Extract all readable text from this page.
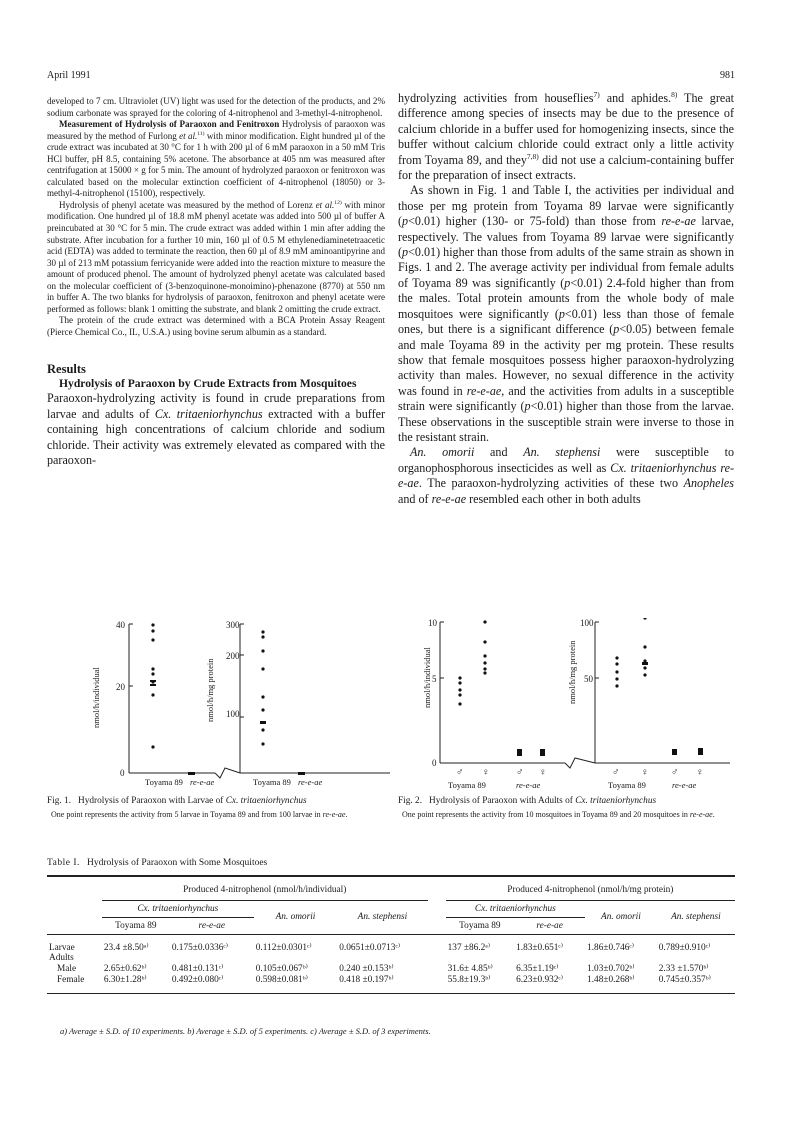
April 1991	981

developed to 7 cm. Ultraviolet (UV) light was used for the detection of the products, and 2% sodium carbonate was sprayed for the coloring of 4-nitrophenol and 3-methyl-4-nitrophenol.

Measurement of Hydrolysis of Paraoxon and Fenitroxon Hydrolysis of paraoxon was measured by the method of Furlong et al.$^{11)}$ with minor modification. Eight hundred µl of the crude extract was incubated at 30 °C for 1 h with 200 µl of 6 mM paraoxon in a 50 mM Tris HCl buffer, pH 8.5, containing 5% acetone. The absorbance at 405 nm was measured after centrifugation at 15000 × g for 5 min. The amount of hydrolyzed paraoxon or fenitroxon was calculated based on the molecular extinction coefficient of 4-nitrophenol (18050) or 3-methyl-4-nitrophenol (15100), respectively.

Hydrolysis of phenyl acetate was measured by the method of Lorenz et al.$^{12)}$ with minor modification. One hundred µl of 18.8 mM phenyl acetate was added into 500 µl of buffer A preincubated at 30 °C for 5 min. The crude extract was added within 1 min after adding the substrate. After incubation for a further 10 min, 160 µl of 0.5 M ethylenediaminetetraacetic acid (EDTA) was added to terminate the reaction, then 60 µl of 8.9 mM aminoantipyrine and 30 µl of 213 mM potassium ferricyanide were added into the reaction mixture to measure the amount of produced phenol. The amount of hydrolyzed phenyl acetate was calculated based on the molecular coefficient of (3-benzoquinone-monoimino)-phenazone (8770) at 550 nm in buffer A. The two blanks for hydrolysis of paraoxon, fenitroxon and phenyl acetate were performed as follows: blank 1 omitting the substrate, and blank 2 omitting the crude extract.

The protein of the crude extract was determined with a BCA Protein Assay Reagent (Pierce Chemical Co., IL, U.S.A.) using bovine serum albumin as a standard.

Results

Hydrolysis of Paraoxon by Crude Extracts from Mosquitoes

Paraoxon-hydrolyzing activity is found in crude preparations from larvae and adults of Cx. tritaeniorhynchus extracted with a buffer containing high concentrations of calcium chloride and sodium chloride. Their activity was extremely elevated as compared with the paraoxon-

hydrolyzing activities from houseflies$^{7)}$ and aphides.$^{8)}$ The great difference among species of insects may be due to the presence of calcium chloride in a buffer used for homogenizing insects, since the buffer without calcium chloride could extract only a little activity from Toyama 89, and they$^{7,8)}$ did not use a calcium-containing buffer for the preparation of insect extracts.

As shown in Fig. 1 and Table I, the activities per individual and those per mg protein from Toyama 89 larvae were significantly (p<0.01) higher (130- or 75-fold) than those from re-e-ae larvae, respectively. The values from Toyama 89 larvae were significantly (p<0.01) higher than those from adults of the same strain as shown in Figs. 1 and 2. The average activity per individual from female adults of Toyama 89 was significantly (p<0.01) 2.4-fold higher than from the males. Total protein amounts from the whole body of male mosquitoes were significantly (p<0.01) less than those of female ones, but there is a significant difference (p<0.05) between female and male Toyama 89 in the activity per mg protein. These results show that female mosquitoes possess higher paraoxon-hydrolyzing activity than males. However, no sexual difference in the activity was found in re-e-ae, and the activities from adults in a susceptible strain were significantly (p<0.01) higher than those from the larvae. These observations in the susceptible strain were inverse to those in the resistant strain.

An. omorii and An. stephensi were susceptible to organophosphorous insecticides as well as Cx. tritaeniorhynchus re-e-ae. The paraoxon-hydrolyzing activities of these two Anopheles and of re-e-ae resembled each other in both adults

nmol/h/individual	nmol/h/mg protein
40
20
0
300
200
100
Toyama 89 re-e-ae	Toyama 89 re-e-ae
Fig. 1. Hydrolysis of Paraoxon with Larvae of Cx. tritaeniorhynchus
One point represents the activity from 5 larvae in Toyama 89 and from 100 larvae in re-e-ae.
nmol/h/individual	nmol/h/mg protein
10
5
0
100
50
♂ ♀	♂ ♀	♂ ♀ ♂ ♀
Toyama 89	re-e-ae	Toyama 89	re-e-ae
Fig. 2. Hydrolysis of Paraoxon with Adults of Cx. tritaeniorhynchus
One point represents the activity from 10 mosquitoes in Toyama 89 and 20 mosquitoes in re-e-ae.
Table I. Hydrolysis of Paraoxon with Some Mosquitoes

	Produced 4-nitrophenol (nmol/h/individual)					Produced 4-nitrophenol (nmol/h/mg protein)			
	Cx. tritaeniorhynchus		An. omorii	An. stephensi		Cx. tritaeniorhynchus		An. omorii	An. stephensi
	Toyama 89	re-e-ae				Toyama 89	re-e-ae		

Larvae	23.4 ±8.50ᵃ⁾	0.175±0.0336ᶜ⁾	0.112±0.0301ᶜ⁾	0.0651±0.0713ᶜ⁾		137 ±86.2ᵃ⁾	1.83±0.651ᶜ⁾	1.86±0.746ᶜ⁾	0.789±0.910ᶜ⁾
Adults									
Male	2.65±0.62ᵇ⁾	0.481±0.131ᶜ⁾	0.105±0.067ᵇ⁾	0.240 ±0.153ᵇ⁾		31.6± 4.85ᵇ⁾	6.35±1.19ᶜ⁾	1.03±0.702ᵇ⁾	2.33 ±1.570ᵇ⁾
Female	6.30±1.28ᵇ⁾	0.492±0.080ᶜ⁾	0.598±0.081ᵇ⁾	0.418 ±0.197ᵇ⁾		55.8±19.3ᵇ⁾	6.23±0.932ᶜ⁾	1.48±0.268ᵇ⁾	0.745±0.357ᵇ⁾

a) Average ± S.D. of 10 experiments. b) Average ± S.D. of 5 experiments. c) Average ± S.D. of 3 experiments.
